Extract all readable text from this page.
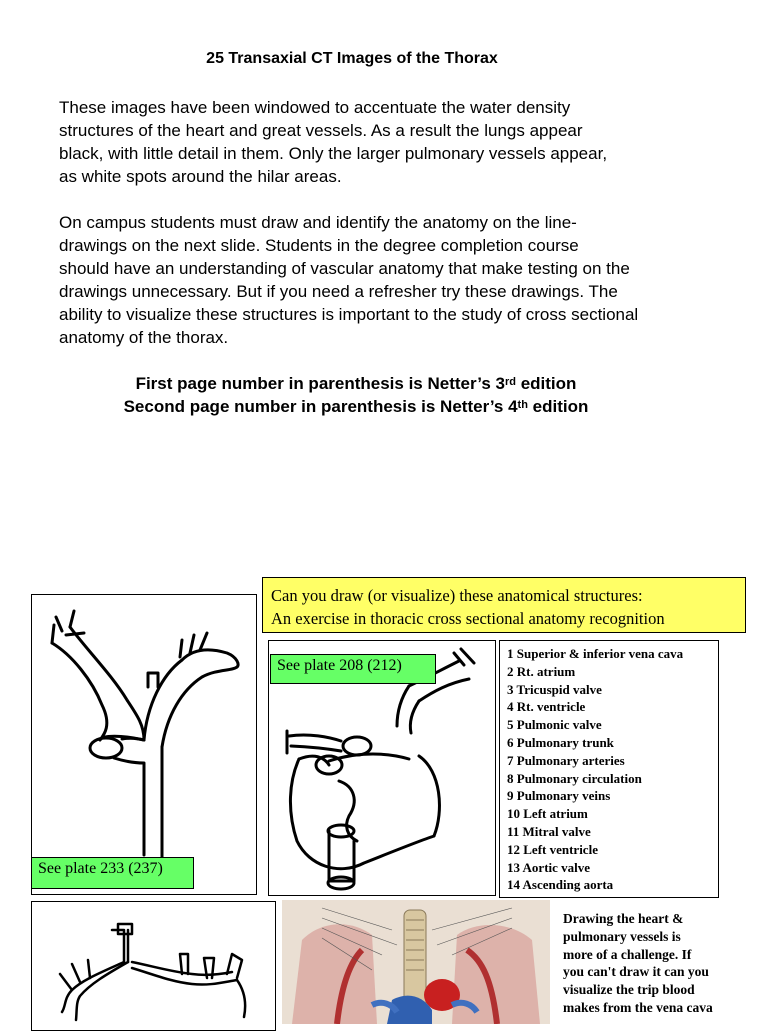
25 Transaxial CT Images of the Thorax
These images have been windowed to accentuate the water density
structures of the heart and great vessels. As a result the lungs appear
black, with little detail in them. Only the larger pulmonary vessels appear,
as white spots around the hilar areas.
On campus students must draw and identify the anatomy on the line-
drawings on the next slide. Students in the degree completion course
should have an understanding of vascular anatomy that make testing on the
drawings unnecessary. But if you need a refresher try these drawings. The
ability to visualize these structures is important to the study of cross sectional
anatomy of the thorax.
First page number in parenthesis is Netter’s 3rd edition
Second page number in parenthesis is Netter’s 4th edition
Can you draw (or visualize) these anatomical structures:
An exercise in thoracic cross sectional anatomy recognition
See plate 233 (237)
See plate 208 (212)
1 Superior & inferior vena cava
2 Rt. atrium
3 Tricuspid valve
4 Rt. ventricle
5 Pulmonic valve
6 Pulmonary trunk
7 Pulmonary arteries
8 Pulmonary circulation
9 Pulmonary veins
10 Left atrium
11 Mitral valve
12 Left ventricle
13 Aortic valve
14 Ascending aorta
Drawing the heart &
pulmonary vessels is
more of a challenge. If
you can't draw it can you
visualize the trip blood
makes from the vena cava
